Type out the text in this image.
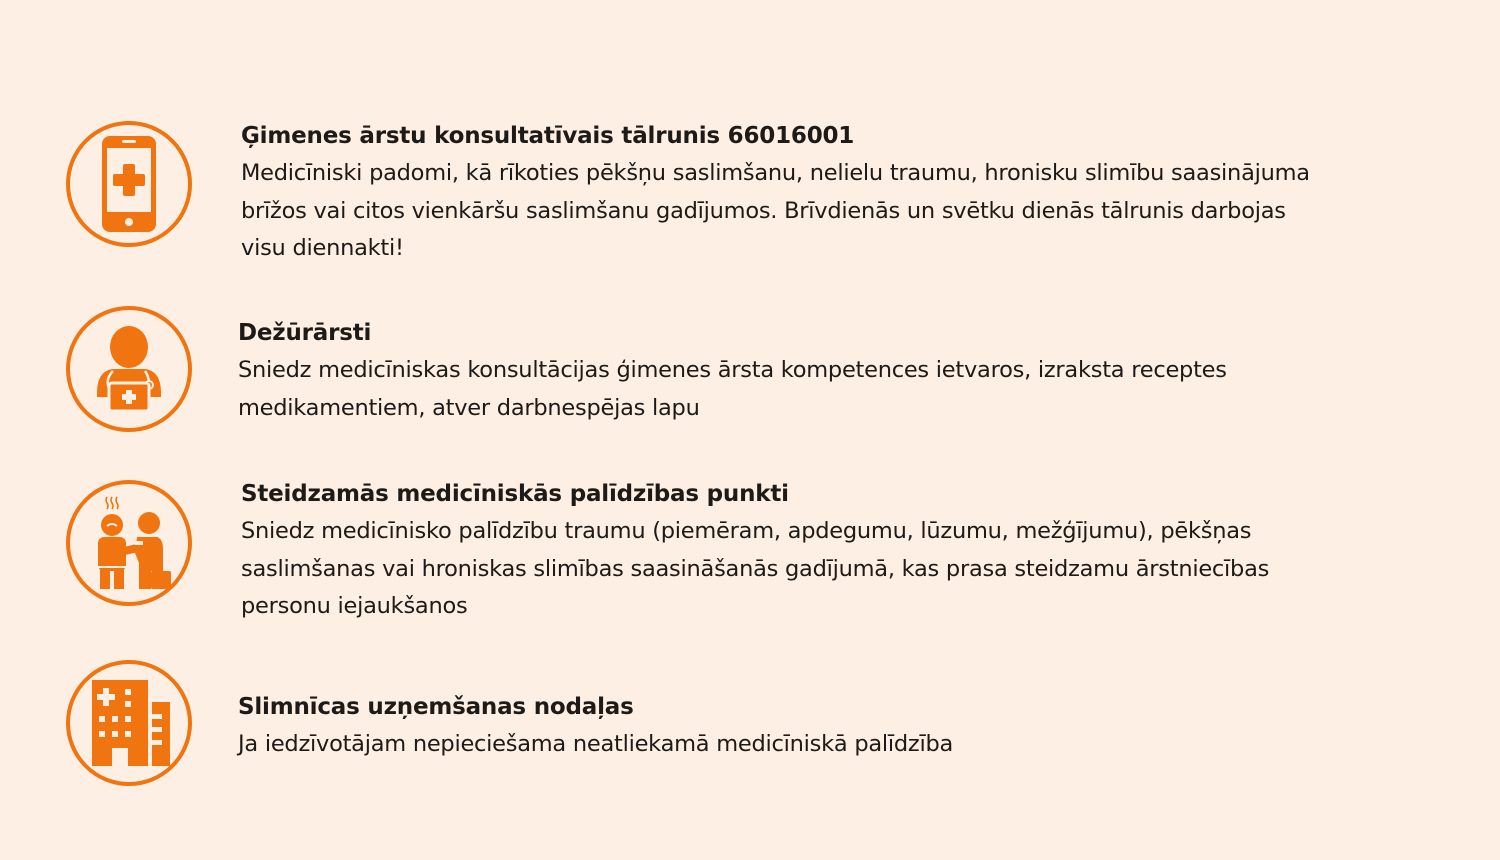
Ģimenes ārstu konsultatīvais tālrunis 66016001
Medicīniski padomi, kā rīkoties pēkšņu saslimšanu, nelielu traumu, hronisku slimību saasinājuma brīžos vai citos vienkāršu saslimšanu gadījumos. Brīvdienās un svētku dienās tālrunis darbojas visu diennakti!
Dežūrārsti
Sniedz medicīniskas konsultācijas ģimenes ārsta kompetences ietvaros, izraksta receptes medikamentiem, atver darbnespējas lapu
Steidzamās medicīniskās palīdzības punkti
Sniedz medicīnisko palīdzību traumu (piemēram, apdegumu, lūzumu, mežģījumu), pēkšņas saslimšanas vai hroniskas slimības saasināšanās gadījumā, kas prasa steidzamu ārstniecības personu iejaukšanos
Slimnīcas uzņemšanas nodaļas
Ja iedzīvotājam nepieciešama neatliekamā medicīniskā palīdzība
